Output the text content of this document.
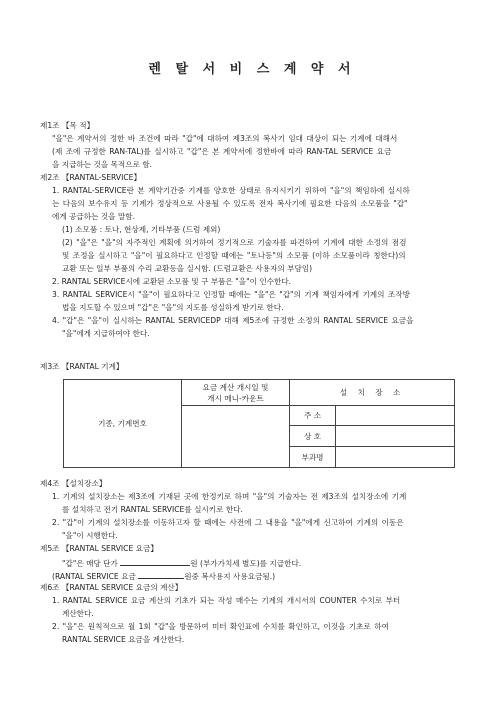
렌 탈 서 비 스 계 약 서
제1조 【목 적】
"을"은 계약서의 정한 바 조건에 따라 "갑"에 대하여 제3조의 복사기 임대 대상이 되는 기계에 대해서
(제 조에 규정한 RAN-TAL)를 실시하고 "갑"은 본 계약서에 정한바에 따라 RAN-TAL SERVICE 요금
을 지급하는 것을 목적으로 함.
제2조 【RANTAL-SERVICE】
1. RANTAL-SERVICE란 본 계약기간중 기계를 양호한 상태로 유지시키기 위하여 "을"의 책임하에 실시하
는 다음의 보수유지 등 기계가 정상적으로 사용될 수 있도록 전자 복사기에 필요한 다음의 소모품을 "갑"
에게 공급하는 것을 말함.
(1) 소모품 : 토나, 현상제, 기타부품 (드럼 제외)
(2) "을"은 "을"의 자주적인 계획에 의거하여 정기적으로 기술자를 파견하여 기계에 대한 소정의 점검
및 조정을 실시하고 "을"이 필요하다고 인정할 때에는 "토나등"의 소모품 (이하 소모품이라 칭한다)의
교환 또는 일부 부품의 수리 교환등을 실시함. (드럼교환은 사용자의 부담임)
2. RANTAL SERVICE시에 교환된 소모품 및 구 부품은 "을"이 인수한다.
3. RANTAL SERVICE시 "을"이 필요하다고 인정할 때에는 "을"은 "갑"의 기계 책임자에게 기계의 조작방
법을 지도할 수 있으며 "갑"은 "을"의 지도를 성실하게 받기로 한다.
4. "갑"은 "을"이 실시하는 RANTAL SERVICEDP 대해 제5조에 규정한 소정의 RANTAL SERVICE 요금을
"을"에게 지급하여야 한다.
제3조 【RANTAL 기계】
기종, 기계번호	요금 계산 개시일 및
개시 메니-카운트	설 치 장 소	
		주 소	
		상 호	
		부과명	
제4조 【설치장소】
1. 기계의 설치장소는 제3조에 기재된 곳에 한정키로 하며 "을"의 기술자는 전 제3조의 설치장소에 기계
를 설치하고 전기 RANTAL SERVICE를 실시키로 한다.
2. "갑"이 기계의 설치장소를 이동하고자 할 때에는 사전에 그 내용을 "을"에게 신고하여 기계의 이동은
"을"이 시행한다.
제5조 【RANTAL SERVICE 요금】
"갑"은 매당 단가	원 (부가가치세 별도)를 지급한다.
(RANTAL SERVICE 요금	원중 복사용지 사용요금됨.)
제6조 【RANTAL SERVICE 요금의 계산】
1. RANTAL SERVICE 요금 계산의 기초가 되는 작성 매수는 기계의 개시서의 COUNTER 수치로 부터
계산한다.
2. "을"은 원칙적으로 월 1회 "갑"을 방문하여 미터 확인표에 수치를 확인하고, 이것을 기초로 하여
RANTAL SERVICE 요금을 계산한다.
